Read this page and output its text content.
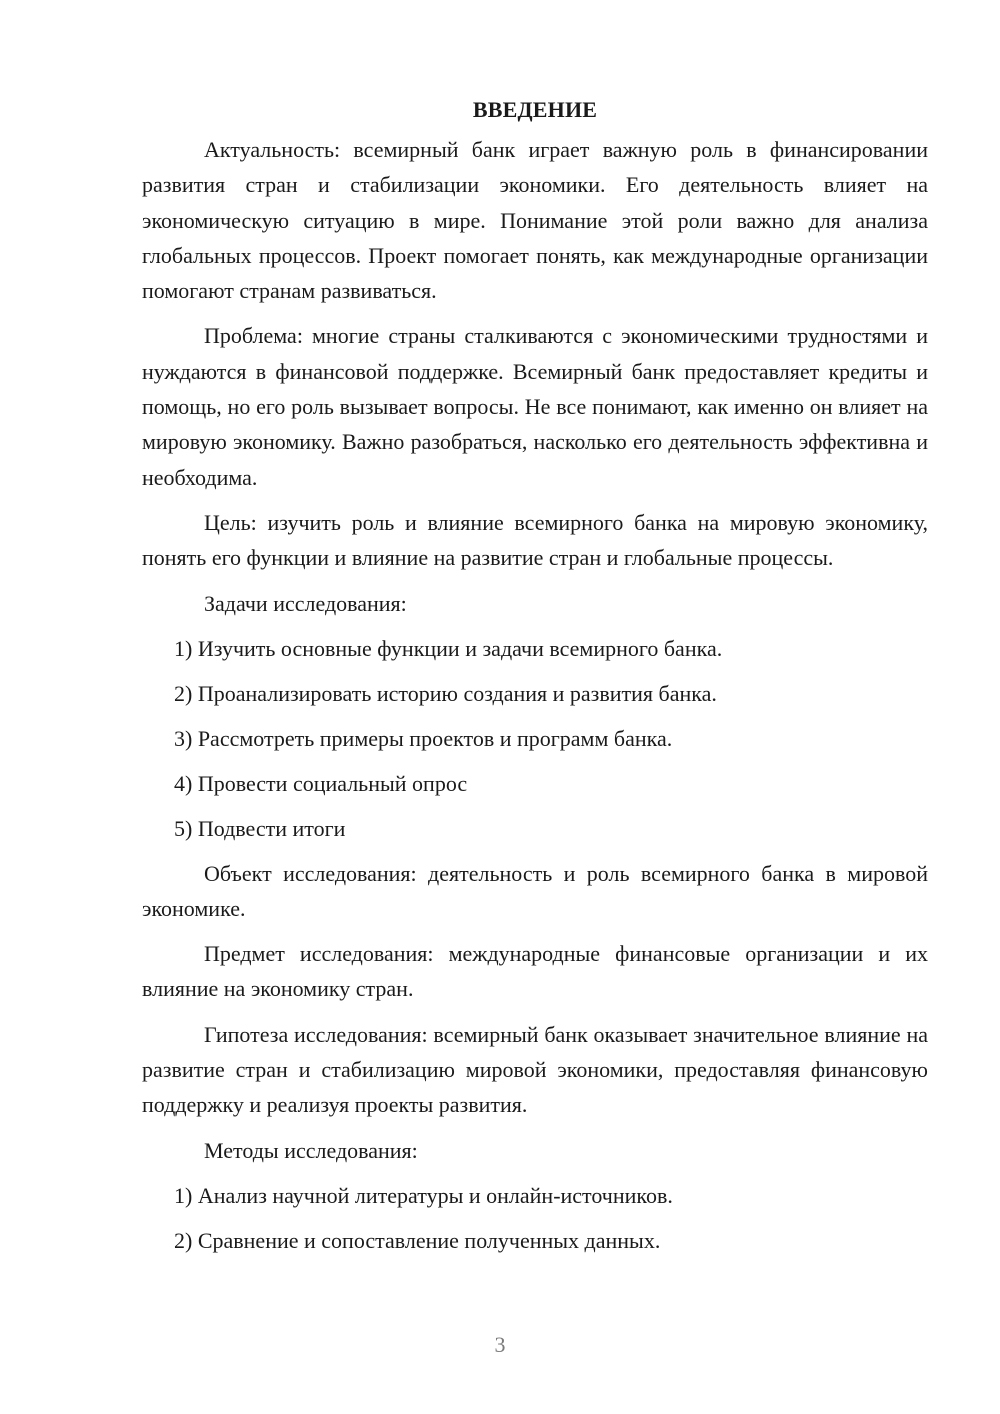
ВВЕДЕНИЕ

Актуальность: всемирный банк играет важную роль в финансировании развития стран и стабилизации экономики. Его деятельность влияет на экономическую ситуацию в мире. Понимание этой роли важно для анализа глобальных процессов. Проект помогает понять, как международные организации помогают странам развиваться.

Проблема: многие страны сталкиваются с экономическими трудностями и нуждаются в финансовой поддержке. Всемирный банк предоставляет кредиты и помощь, но его роль вызывает вопросы. Не все понимают, как именно он влияет на мировую экономику. Важно разобраться, насколько его деятельность эффективна и необходима.

Цель: изучить роль и влияние всемирного банка на мировую экономику, понять его функции и влияние на развитие стран и глобальные процессы.

Задачи исследования:

1) Изучить основные функции и задачи всемирного банка.
2) Проанализировать историю создания и развития банка.
3) Рассмотреть примеры проектов и программ банка.
4) Провести социальный опрос
5) Подвести итоги

Объект исследования: деятельность и роль всемирного банка в мировой экономике.

Предмет исследования: международные финансовые организации и их влияние на экономику стран.

Гипотеза исследования: всемирный банк оказывает значительное влияние на развитие стран и стабилизацию мировой экономики, предоставляя финансовую поддержку и реализуя проекты развития.

Методы исследования:

1) Анализ научной литературы и онлайн-источников.
2) Сравнение и сопоставление полученных данных.
3
